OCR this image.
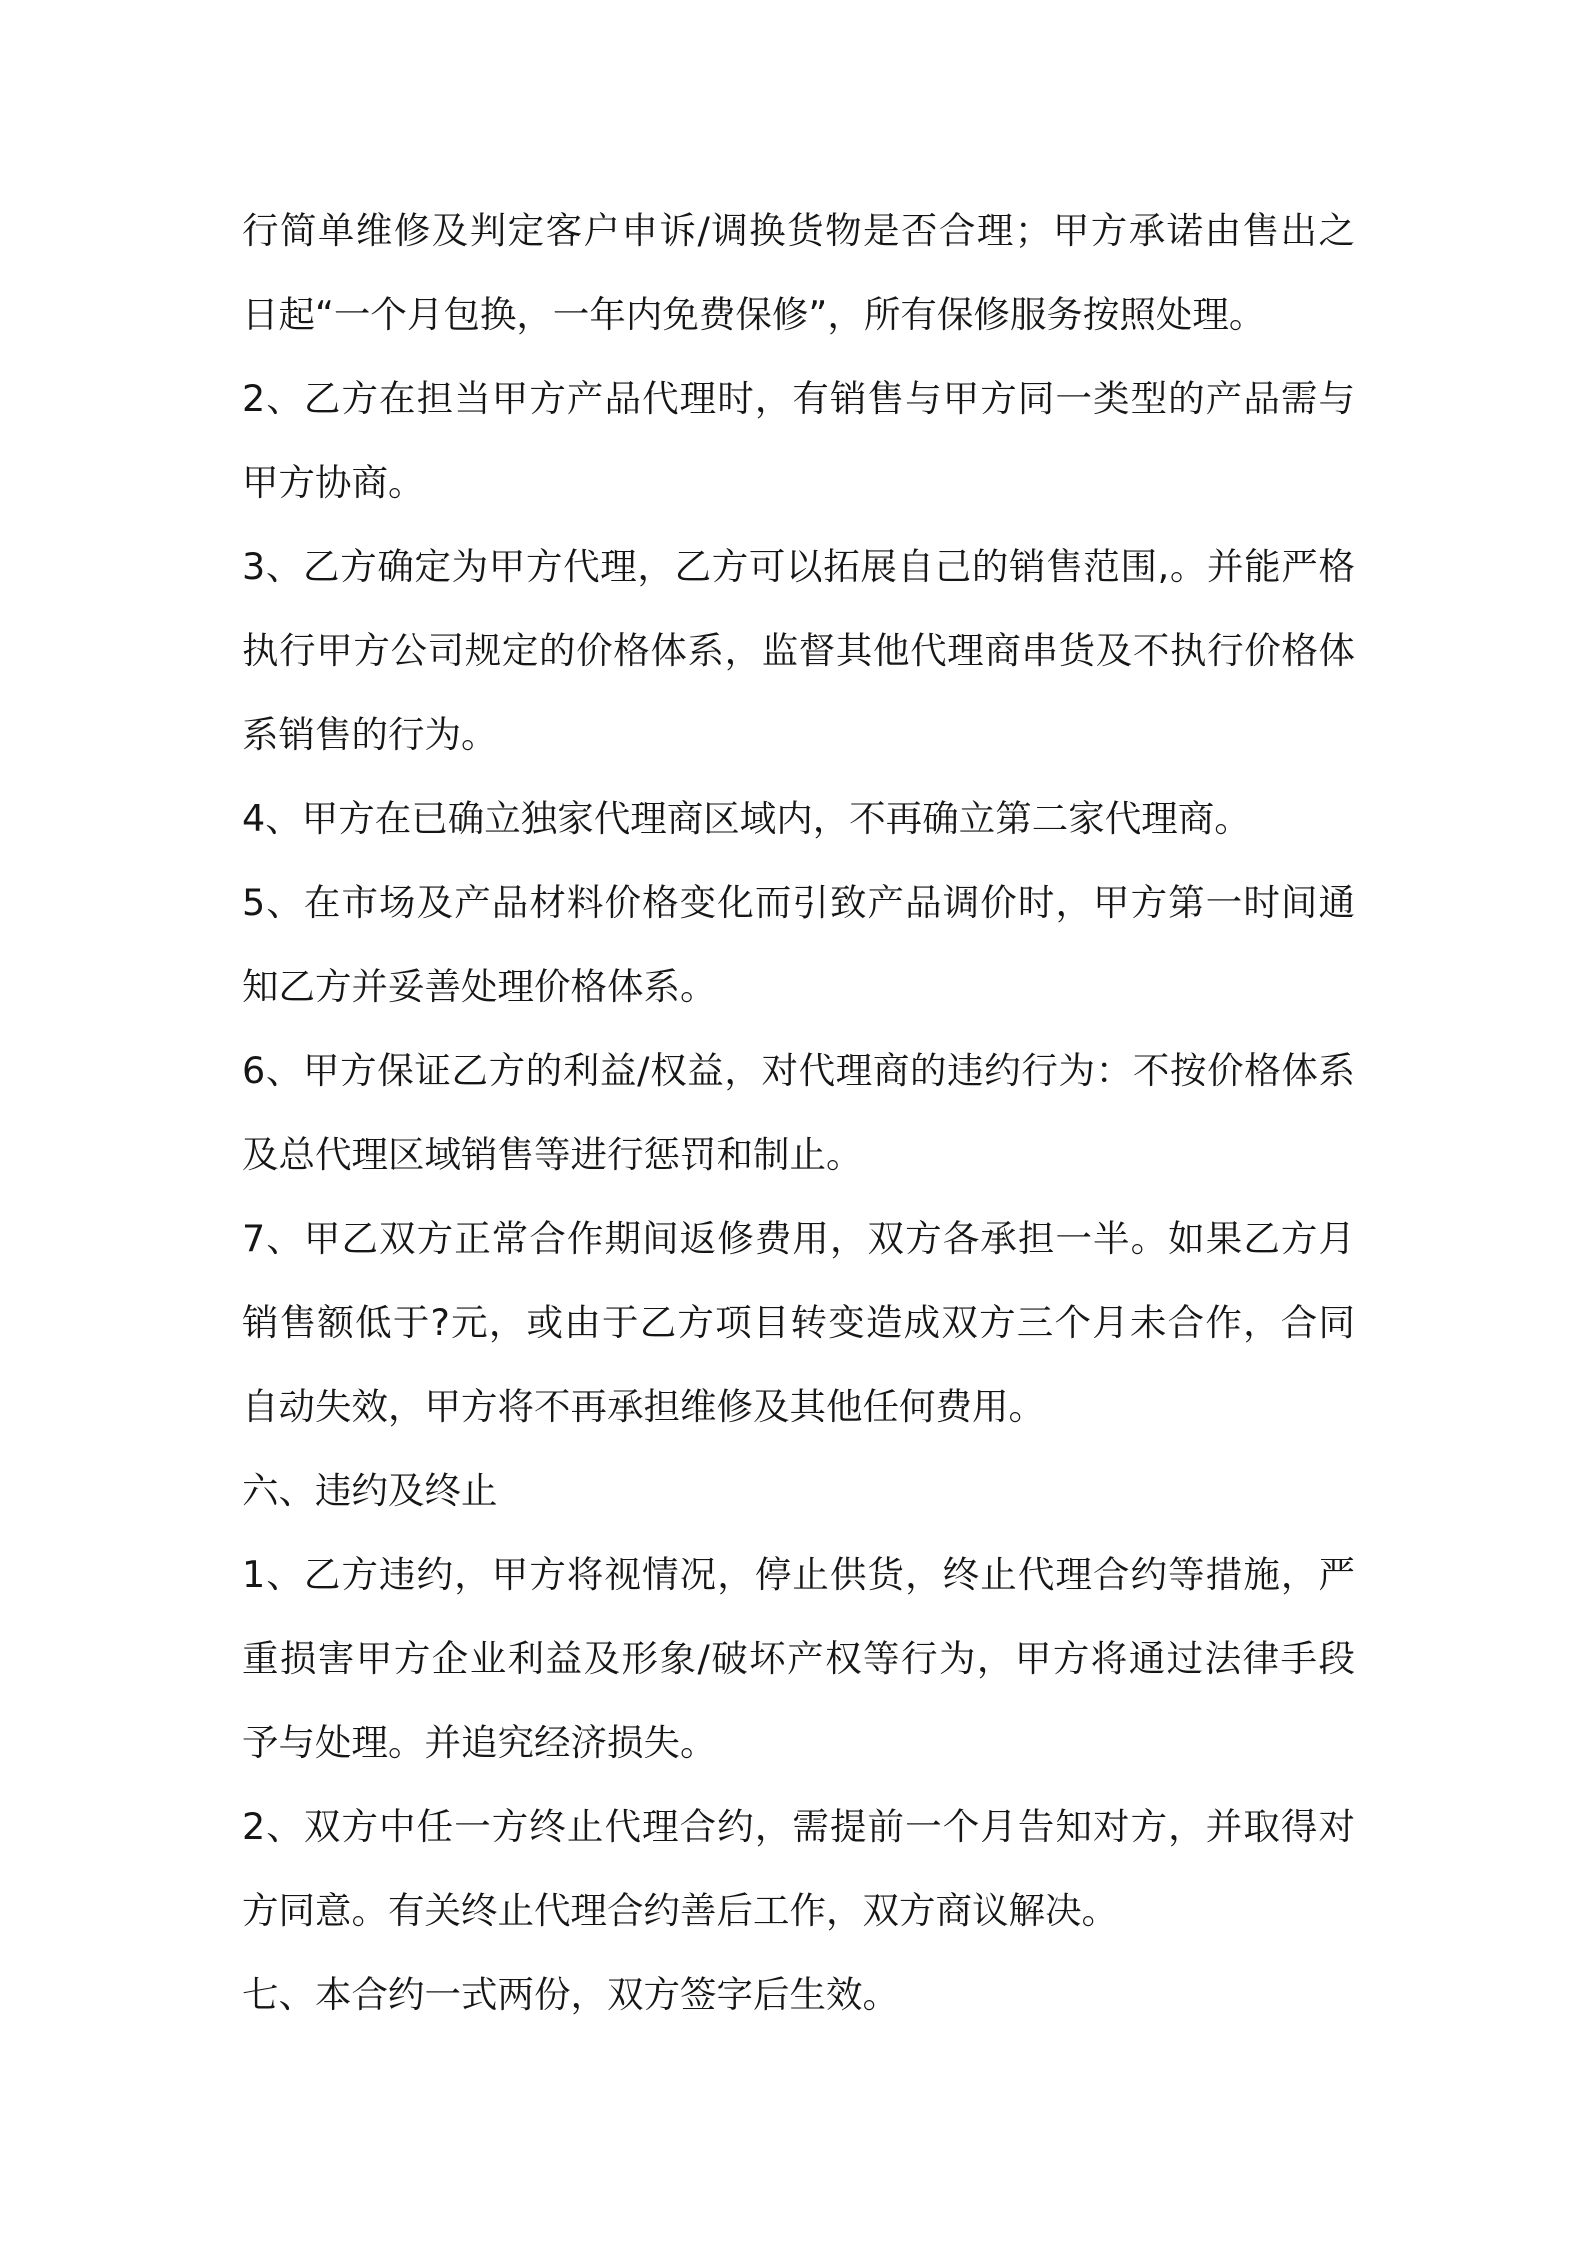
行简单维修及判定客户申诉/调换货物是否合理；甲方承诺由售出之
日起“一个月包换，一年内免费保修”，所有保修服务按照处理。
2、乙方在担当甲方产品代理时，有销售与甲方同一类型的产品需与
甲方协商。
3、乙方确定为甲方代理，乙方可以拓展自己的销售范围,。并能严格
执行甲方公司规定的价格体系，监督其他代理商串货及不执行价格体
系销售的行为。
4、甲方在已确立独家代理商区域内，不再确立第二家代理商。
5、在市场及产品材料价格变化而引致产品调价时，甲方第一时间通
知乙方并妥善处理价格体系。
6、甲方保证乙方的利益/权益，对代理商的违约行为：不按价格体系
及总代理区域销售等进行惩罚和制止。
7、甲乙双方正常合作期间返修费用，双方各承担一半。如果乙方月
销售额低于?元，或由于乙方项目转变造成双方三个月未合作，合同
自动失效，甲方将不再承担维修及其他任何费用。
六、违约及终止
1、乙方违约，甲方将视情况，停止供货，终止代理合约等措施，严
重损害甲方企业利益及形象/破坏产权等行为，甲方将通过法律手段
予与处理。并追究经济损失。
2、双方中任一方终止代理合约，需提前一个月告知对方，并取得对
方同意。有关终止代理合约善后工作，双方商议解决。
七、本合约一式两份，双方签字后生效。
